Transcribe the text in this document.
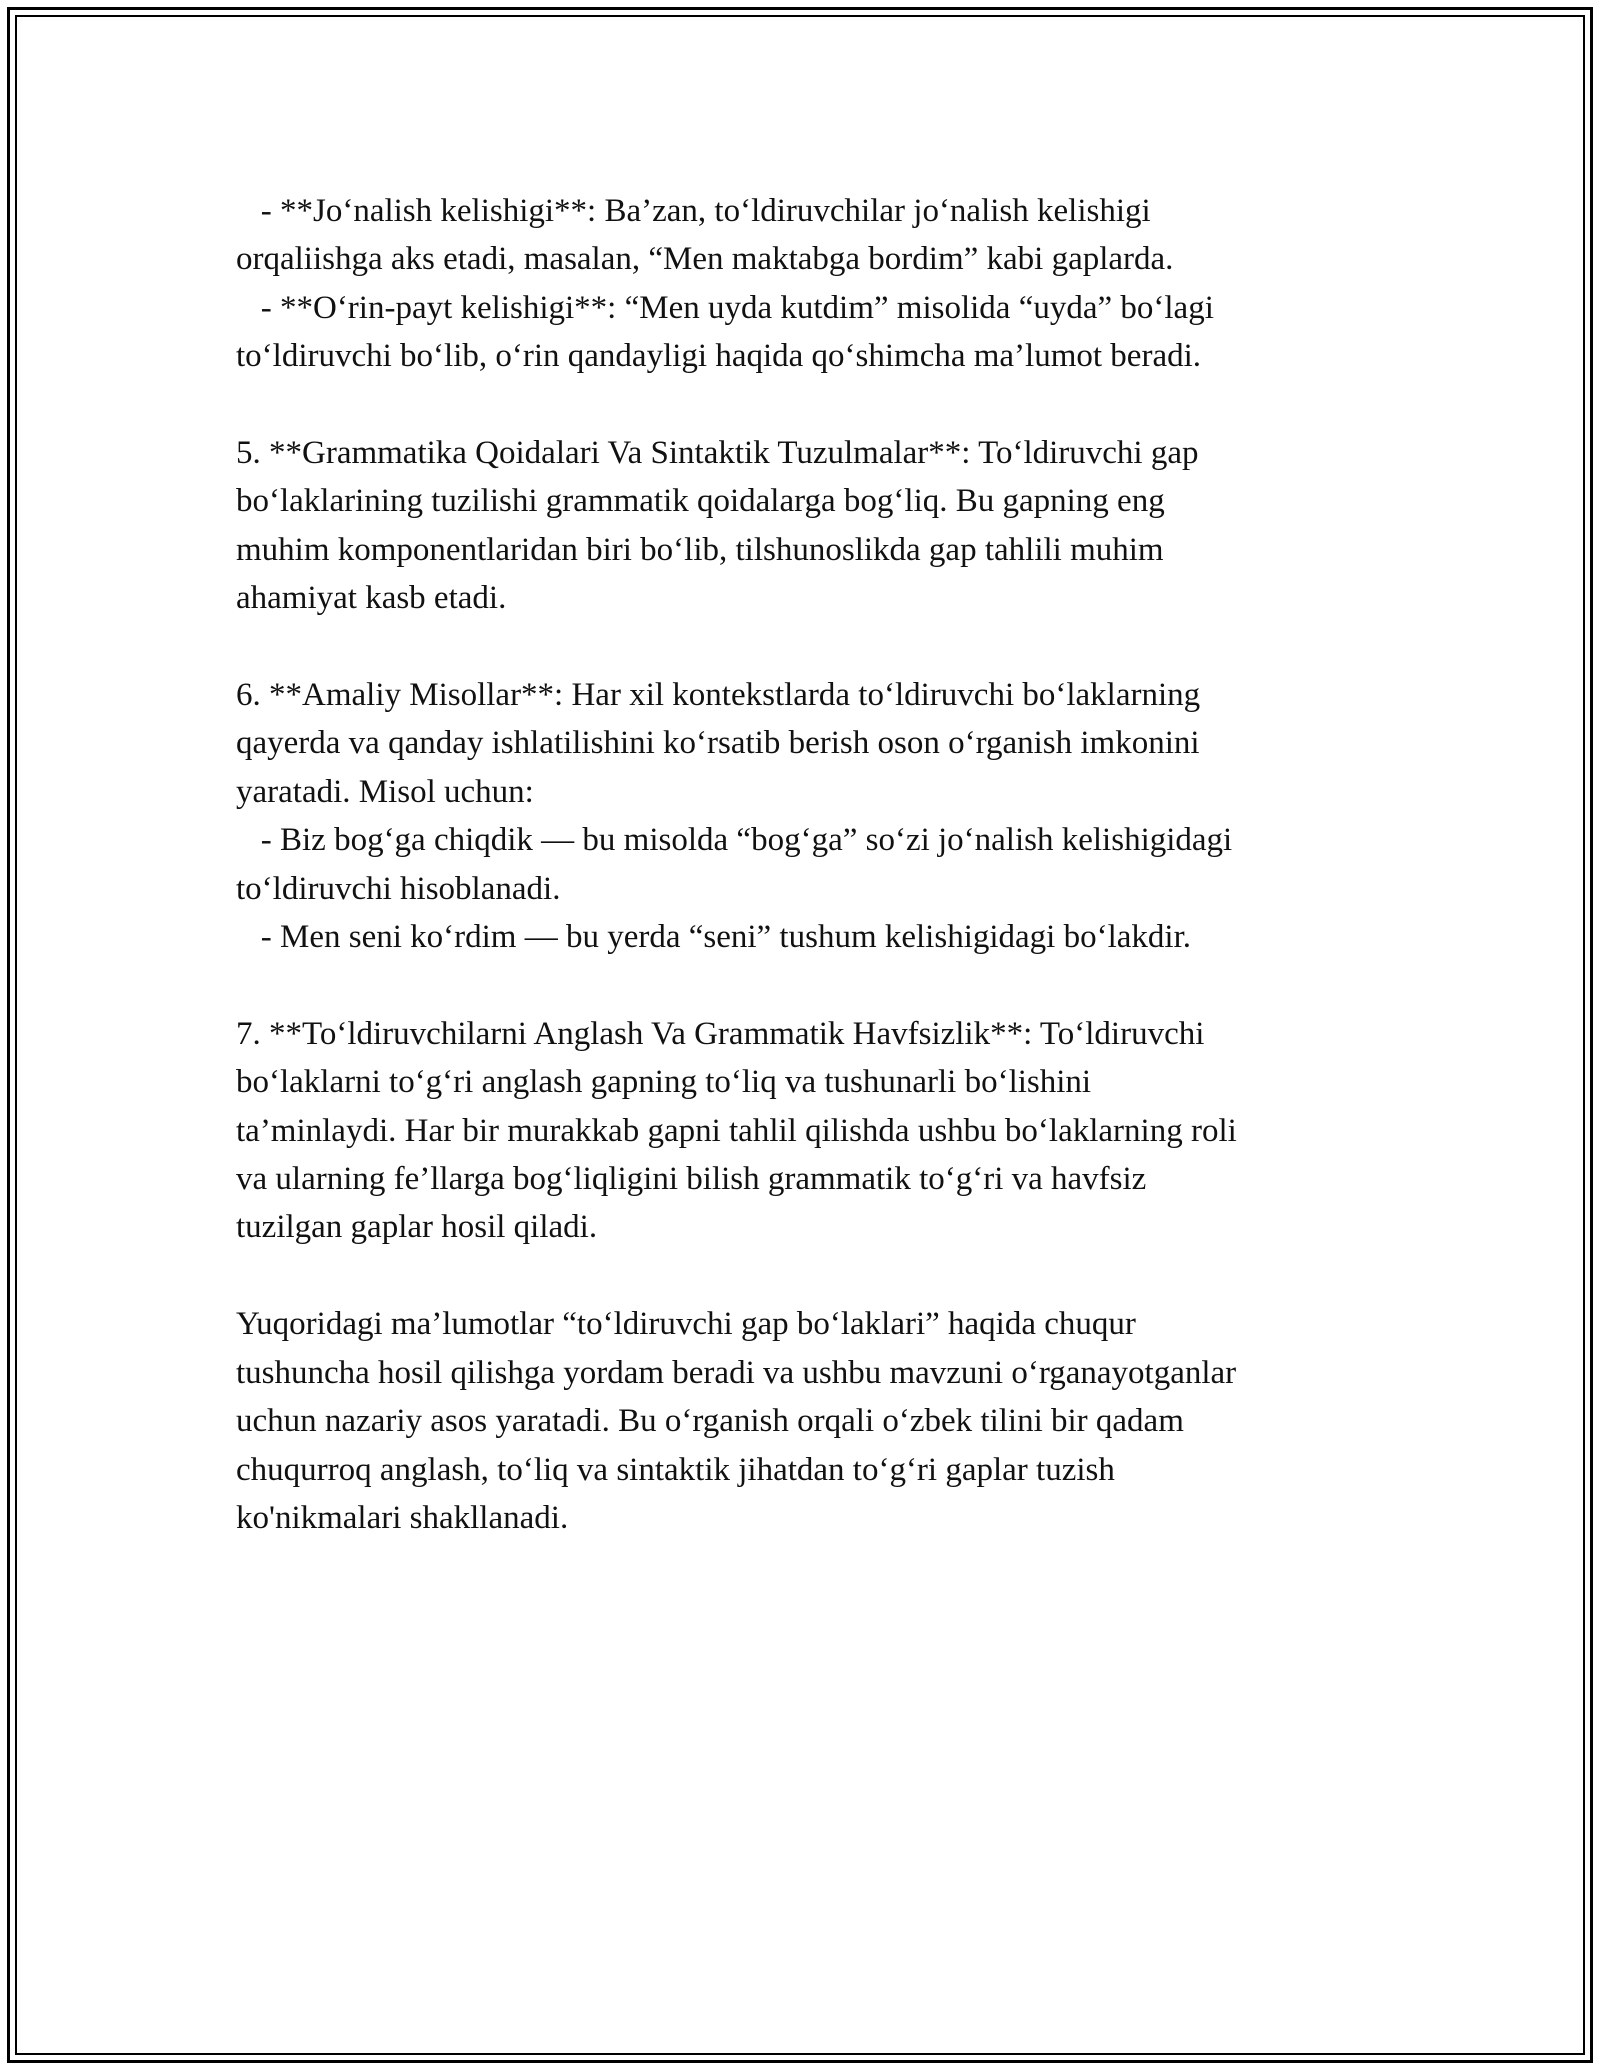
- **Jo‘nalish kelishigi**: Ba’zan, to‘ldiruvchilar jo‘nalish kelishigi
orqaliishga aks etadi, masalan, “Men maktabga bordim” kabi gaplarda.
- **O‘rin-payt kelishigi**: “Men uyda kutdim” misolida “uyda” bo‘lagi
to‘ldiruvchi bo‘lib, o‘rin qandayligi haqida qo‘shimcha ma’lumot beradi.
5. **Grammatika Qoidalari Va Sintaktik Tuzulmalar**: To‘ldiruvchi gap
bo‘laklarining tuzilishi grammatik qoidalarga bog‘liq. Bu gapning eng
muhim komponentlaridan biri bo‘lib, tilshunoslikda gap tahlili muhim
ahamiyat kasb etadi.
6. **Amaliy Misollar**: Har xil kontekstlarda to‘ldiruvchi bo‘laklarning
qayerda va qanday ishlatilishini ko‘rsatib berish oson o‘rganish imkonini
yaratadi. Misol uchun:
- Biz bog‘ga chiqdik — bu misolda “bog‘ga” so‘zi jo‘nalish kelishigidagi
to‘ldiruvchi hisoblanadi.
- Men seni ko‘rdim — bu yerda “seni” tushum kelishigidagi bo‘lakdir.
7. **To‘ldiruvchilarni Anglash Va Grammatik Havfsizlik**: To‘ldiruvchi
bo‘laklarni to‘g‘ri anglash gapning to‘liq va tushunarli bo‘lishini
ta’minlaydi. Har bir murakkab gapni tahlil qilishda ushbu bo‘laklarning roli
va ularning fe’llarga bog‘liqligini bilish grammatik to‘g‘ri va havfsiz
tuzilgan gaplar hosil qiladi.
Yuqoridagi ma’lumotlar “to‘ldiruvchi gap bo‘laklari” haqida chuqur
tushuncha hosil qilishga yordam beradi va ushbu mavzuni o‘rganayotganlar
uchun nazariy asos yaratadi. Bu o‘rganish orqali o‘zbek tilini bir qadam
chuqurroq anglash, to‘liq va sintaktik jihatdan to‘g‘ri gaplar tuzish
ko'nikmalari shakllanadi.
